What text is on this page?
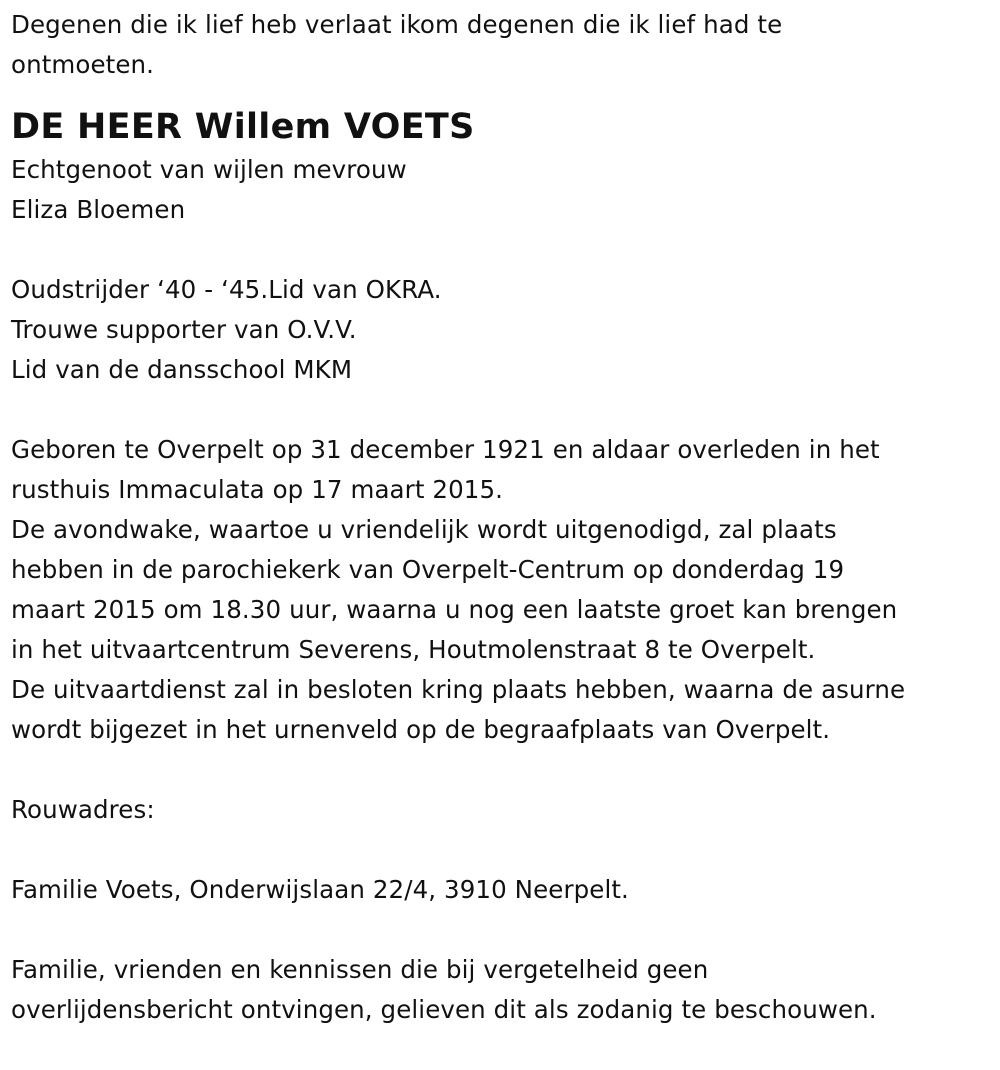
Degenen die ik lief heb verlaat ikom degenen die ik lief had te
ontmoeten.
DE HEER Willem VOETS
Echtgenoot van wijlen mevrouw
Eliza Bloemen
Oudstrijder ‘40 - ‘45.Lid van OKRA.
Trouwe supporter van O.V.V.
Lid van de dansschool MKM
Geboren te Overpelt op 31 december 1921 en aldaar overleden in het
rusthuis Immaculata op 17 maart 2015.
De avondwake, waartoe u vriendelijk wordt uitgenodigd, zal plaats
hebben in de parochiekerk van Overpelt-Centrum op donderdag 19
maart 2015 om 18.30 uur, waarna u nog een laatste groet kan brengen
in het uitvaartcentrum Severens, Houtmolenstraat 8 te Overpelt.
De uitvaartdienst zal in besloten kring plaats hebben, waarna de asurne
wordt bijgezet in het urnenveld op de begraafplaats van Overpelt.
Rouwadres:
Familie Voets, Onderwijslaan 22/4, 3910 Neerpelt.
Familie, vrienden en kennissen die bij vergetelheid geen
overlijdensbericht ontvingen, gelieven dit als zodanig te beschouwen.
